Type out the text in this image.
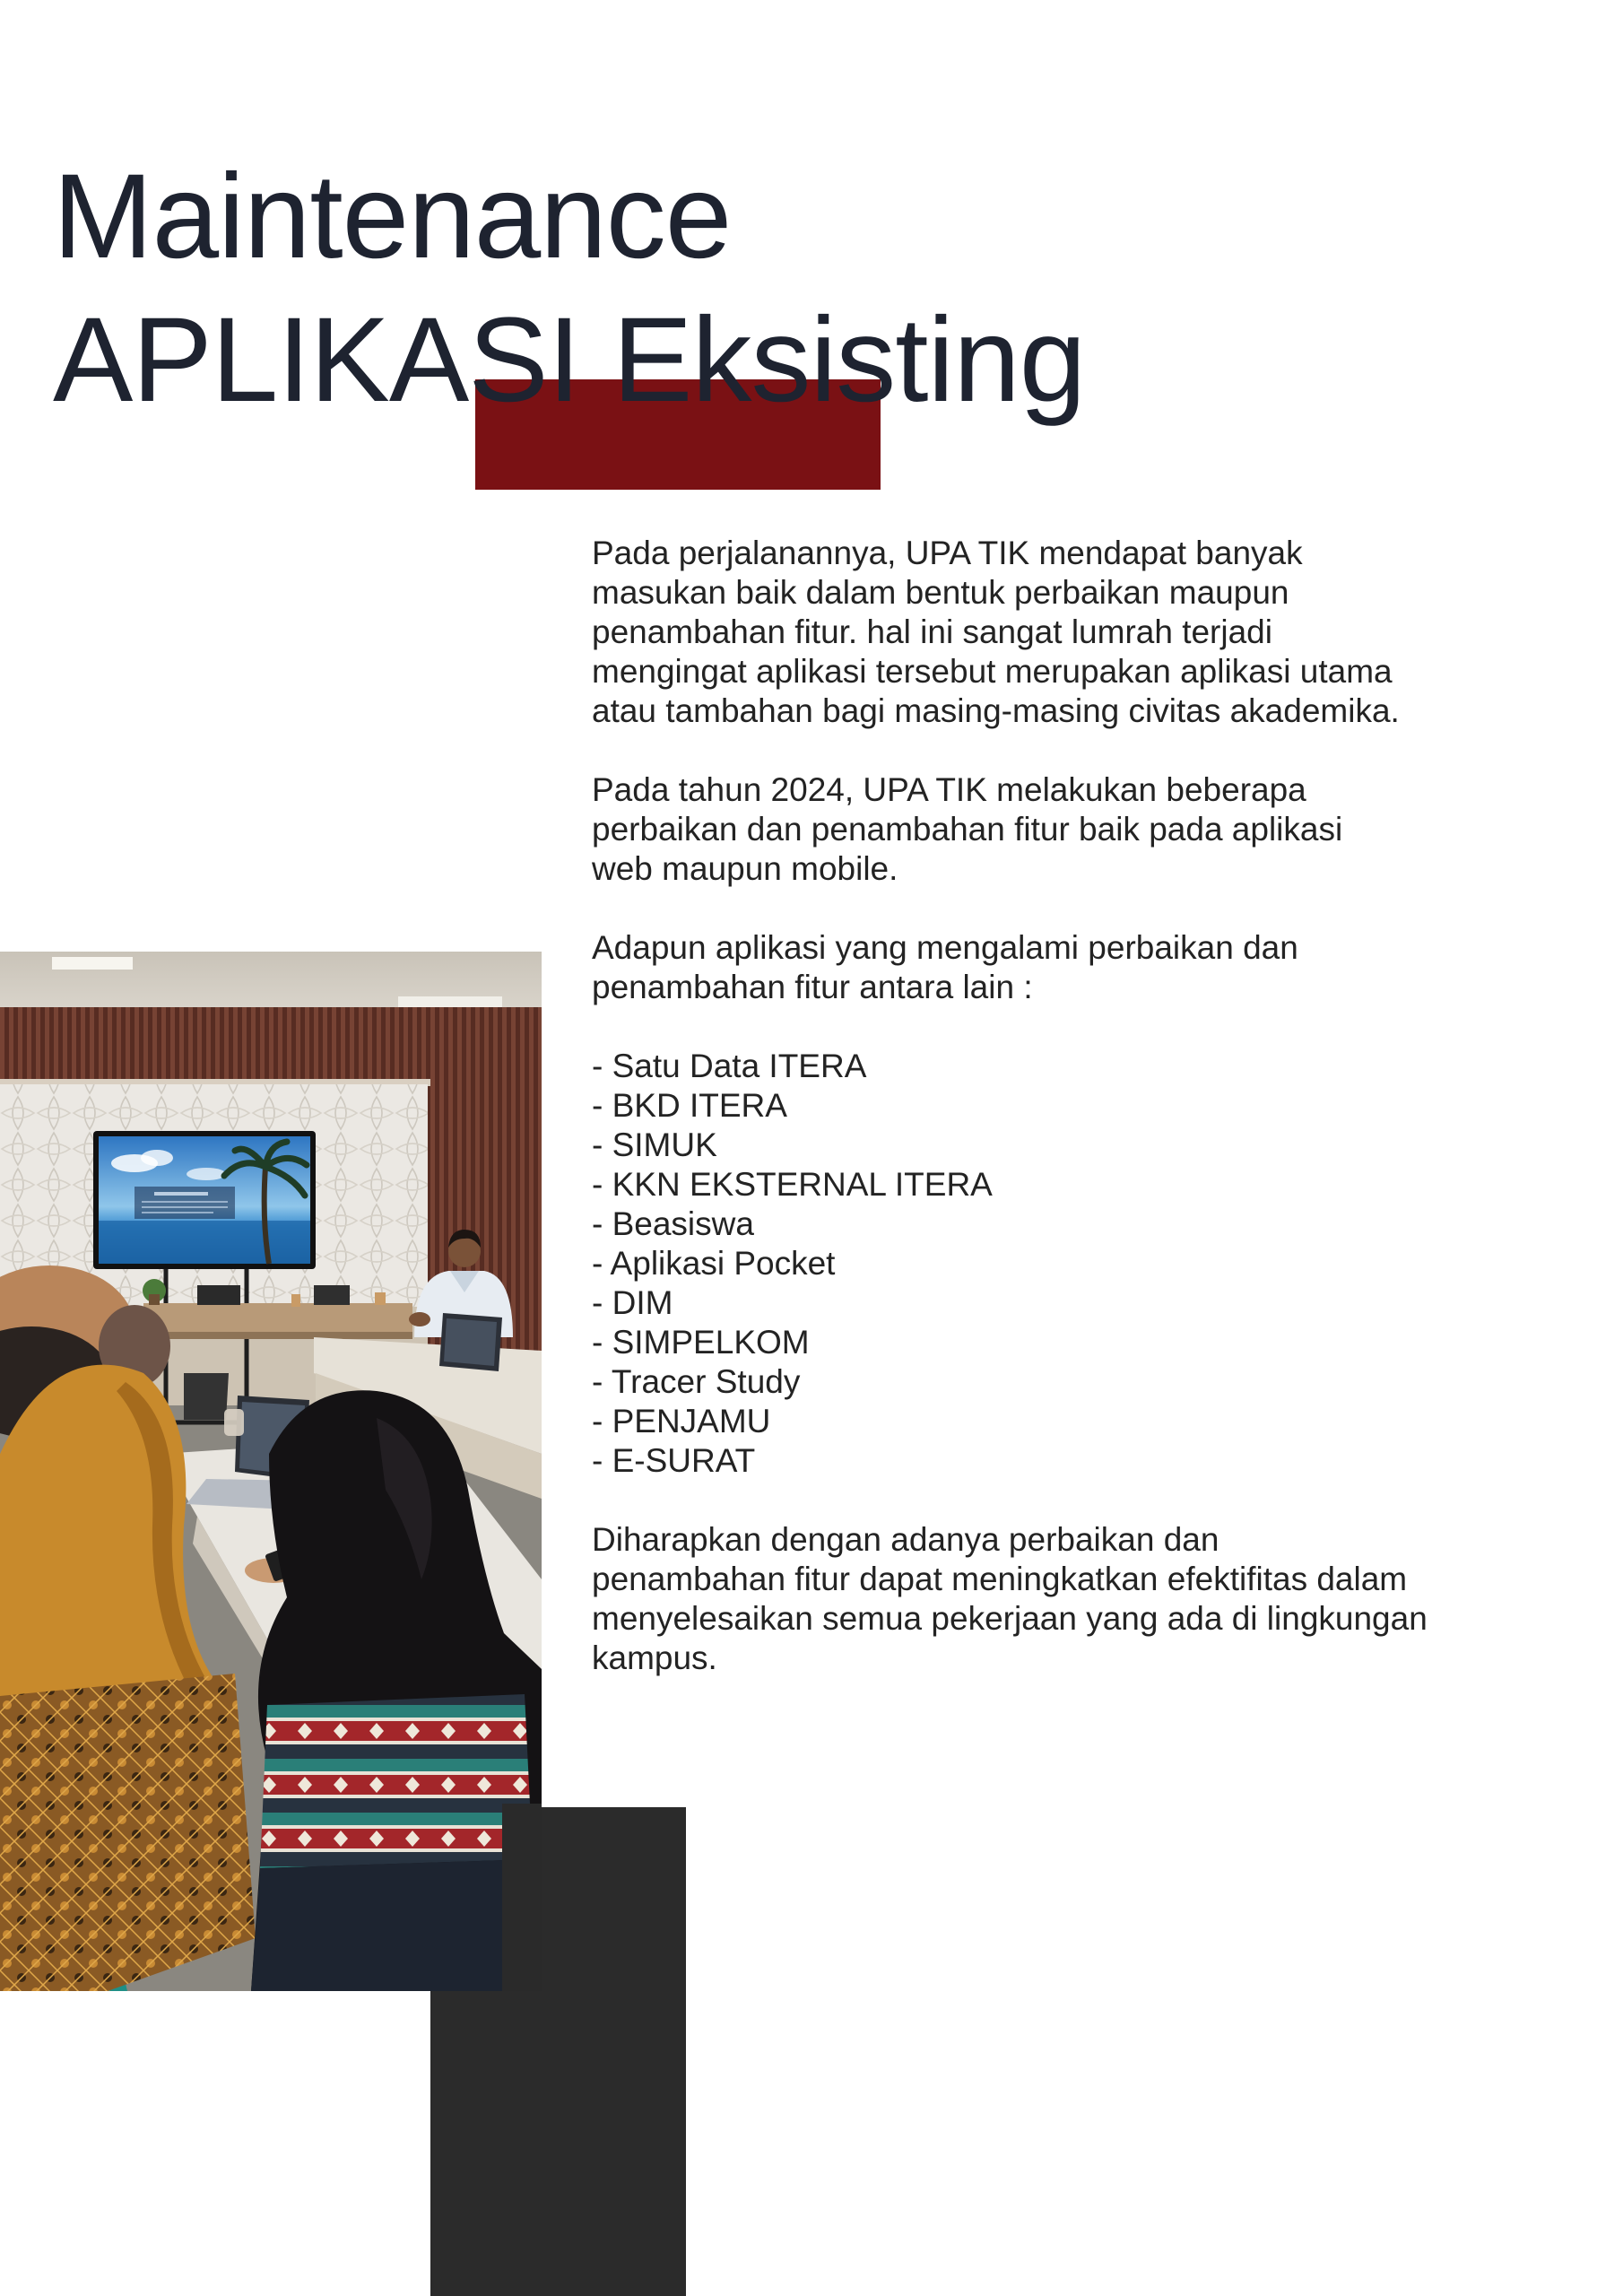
Maintenance
APLIKASI Eksisting
Pada perjalanannya, UPA TIK mendapat banyak
masukan baik dalam bentuk perbaikan maupun
penambahan fitur. hal ini sangat lumrah terjadi
mengingat aplikasi tersebut merupakan aplikasi utama
atau tambahan bagi masing-masing civitas akademika.
Pada tahun 2024, UPA TIK melakukan beberapa
perbaikan dan penambahan fitur baik pada aplikasi
web maupun mobile.
Adapun aplikasi yang mengalami perbaikan dan
penambahan fitur antara lain :
- Satu Data ITERA
- BKD ITERA
- SIMUK
- KKN EKSTERNAL ITERA
- Beasiswa
- Aplikasi Pocket
- DIM
- SIMPELKOM
- Tracer Study
- PENJAMU
- E-SURAT
Diharapkan dengan adanya perbaikan dan
penambahan fitur dapat meningkatkan efektifitas dalam
menyelesaikan semua pekerjaan yang ada di lingkungan
kampus.
